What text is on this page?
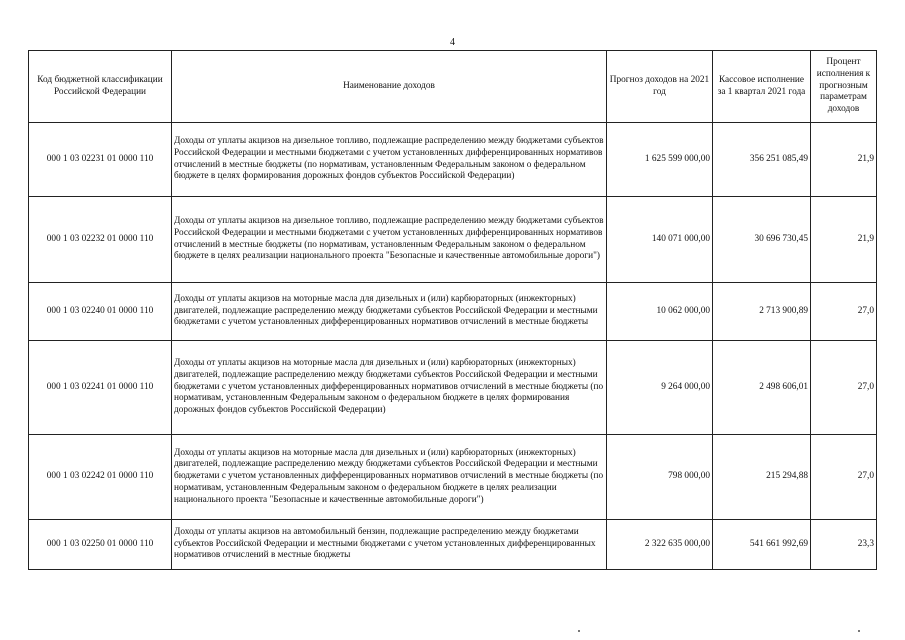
4
Код бюджетной классификации Российской Федерации	Наименование доходов	Прогноз доходов на 2021 год	Кассовое исполнение за 1 квартал 2021 года	Процент исполнения к прогнозным параметрам доходов
000 1 03 02231 01 0000 110	Доходы от уплаты акцизов на дизельное топливо, подлежащие распределению между бюджетами субъектов Российской Федерации и местными бюджетами с учетом установленных дифференцированных нормативов отчислений в местные бюджеты (по нормативам, установленным Федеральным законом о федеральном бюджете в целях формирования дорожных фондов субъектов Российской Федерации)	1 625 599 000,00	356 251 085,49	21,9
000 1 03 02232 01 0000 110	Доходы от уплаты акцизов на дизельное топливо, подлежащие распределению между бюджетами субъектов Российской Федерации и местными бюджетами с учетом установленных дифференцированных нормативов отчислений в местные бюджеты (по нормативам, установленным Федеральным законом о федеральном бюджете в целях реализации национального проекта "Безопасные и качественные автомобильные дороги")	140 071 000,00	30 696 730,45	21,9
000 1 03 02240 01 0000 110	Доходы от уплаты акцизов на моторные масла для дизельных и (или) карбюраторных (инжекторных) двигателей, подлежащие распределению между бюджетами субъектов Российской Федерации и местными бюджетами с учетом установленных дифференцированных нормативов отчислений в местные бюджеты	10 062 000,00	2 713 900,89	27,0
000 1 03 02241 01 0000 110	Доходы от уплаты акцизов на моторные масла для дизельных и (или) карбюраторных (инжекторных) двигателей, подлежащие распределению между бюджетами субъектов Российской Федерации и местными бюджетами с учетом установленных дифференцированных нормативов отчислений в местные бюджеты (по нормативам, установленным Федеральным законом о федеральном бюджете в целях формирования дорожных фондов субъектов Российской Федерации)	9 264 000,00	2 498 606,01	27,0
000 1 03 02242 01 0000 110	Доходы от уплаты акцизов на моторные масла для дизельных и (или) карбюраторных (инжекторных) двигателей, подлежащие распределению между бюджетами субъектов Российской Федерации и местными бюджетами с учетом установленных дифференцированных нормативов отчислений в местные бюджеты (по нормативам, установленным Федеральным законом о федеральном бюджете в целях реализации национального проекта "Безопасные и качественные автомобильные дороги")	798 000,00	215 294,88	27,0
000 1 03 02250 01 0000 110	Доходы от уплаты акцизов на автомобильный бензин, подлежащие распределению между бюджетами субъектов Российской Федерации и местными бюджетами с учетом установленных дифференцированных нормативов отчислений в местные бюджеты	2 322 635 000,00	541 661 992,69	23,3
